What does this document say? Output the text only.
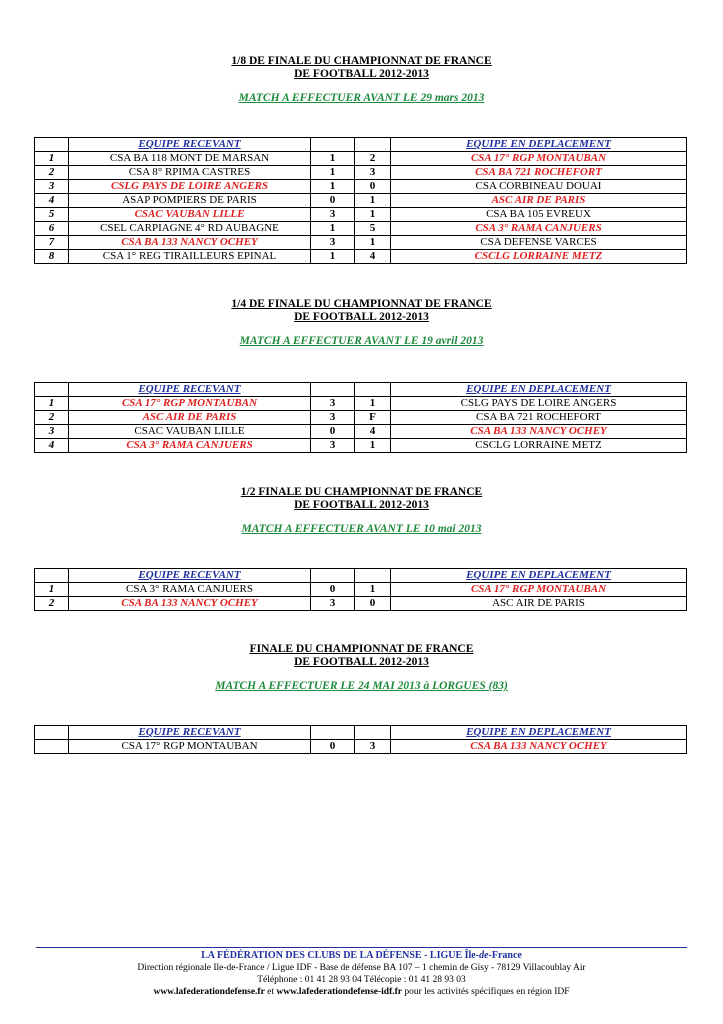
1/8 DE FINALE DU CHAMPIONNAT DE FRANCE
DE FOOTBALL 2012-2013
MATCH A EFFECTUER AVANT LE 29 mars 2013
	EQUIPE RECEVANT			EQUIPE EN DEPLACEMENT
1	CSA BA 118 MONT DE MARSAN	1	2	CSA 17° RGP MONTAUBAN
2	CSA 8° RPIMA CASTRES	1	3	CSA BA 721 ROCHEFORT
3	CSLG PAYS DE LOIRE ANGERS	1	0	CSA CORBINEAU DOUAI
4	ASAP POMPIERS DE PARIS	0	1	ASC AIR DE PARIS
5	CSAC VAUBAN LILLE	3	1	CSA BA 105 EVREUX
6	CSEL CARPIAGNE 4° RD AUBAGNE	1	5	CSA 3° RAMA CANJUERS
7	CSA BA 133 NANCY OCHEY	3	1	CSA DEFENSE VARCES
8	CSA 1° REG TIRAILLEURS EPINAL	1	4	CSCLG LORRAINE METZ
1/4 DE FINALE DU CHAMPIONNAT DE FRANCE
DE FOOTBALL 2012-2013
MATCH A EFFECTUER AVANT LE 19 avril 2013
	EQUIPE RECEVANT			EQUIPE EN DEPLACEMENT
1	CSA 17° RGP MONTAUBAN	3	1	CSLG PAYS DE LOIRE ANGERS
2	ASC AIR DE PARIS	3	F	CSA BA 721 ROCHEFORT
3	CSAC VAUBAN LILLE	0	4	CSA BA 133 NANCY OCHEY
4	CSA 3° RAMA CANJUERS	3	1	CSCLG LORRAINE METZ
1/2 FINALE DU CHAMPIONNAT DE FRANCE
DE FOOTBALL 2012-2013
MATCH A EFFECTUER AVANT LE 10 mai 2013
	EQUIPE RECEVANT			EQUIPE EN DEPLACEMENT
1	CSA 3° RAMA CANJUERS	0	1	CSA 17° RGP MONTAUBAN
2	CSA BA 133 NANCY OCHEY	3	0	ASC AIR DE PARIS
FINALE DU CHAMPIONNAT DE FRANCE
DE FOOTBALL 2012-2013
MATCH A EFFECTUER LE 24 MAI 2013 à LORGUES (83)
	EQUIPE RECEVANT			EQUIPE EN DEPLACEMENT
	CSA 17° RGP MONTAUBAN	0	3	CSA BA 133 NANCY OCHEY
LA FÉDÉRATION DES CLUBS DE LA DÉFENSE - LIGUE Île-de-France
Direction régionale Ile-de-France / Ligue IDF - Base de défense BA 107 – 1 chemin de Gisy - 78129 Villacoublay Air
Téléphone : 01 41 28 93 04 Télécopie : 01 41 28 93 03
www.lafederationdefense.fr et www.lafederationdefense-idf.fr pour les activités spécifiques en région IDF
